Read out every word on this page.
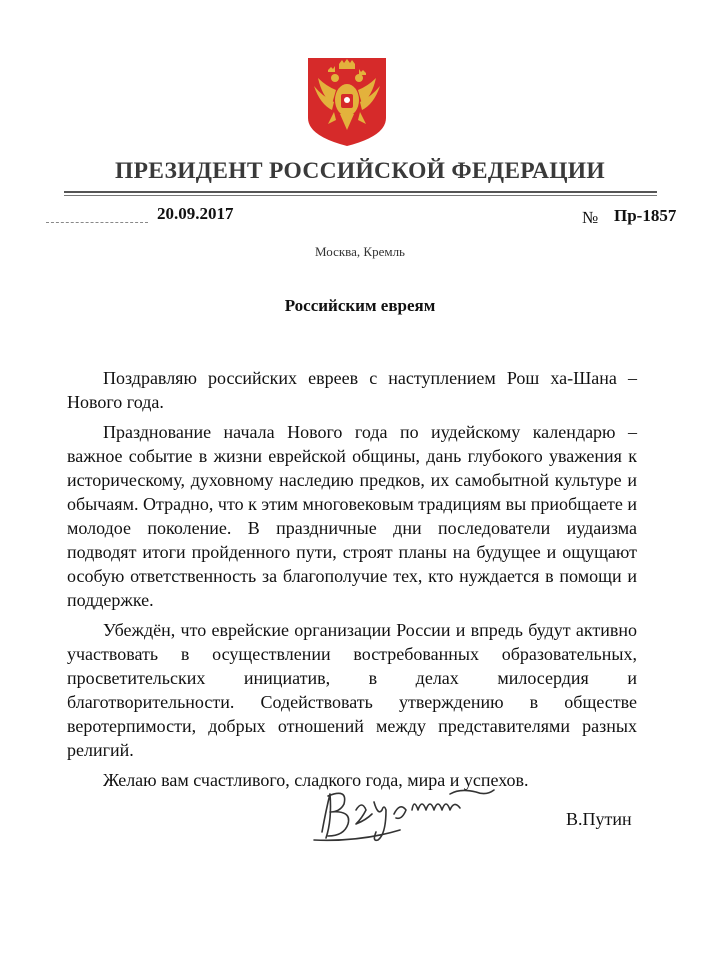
ПРЕЗИДЕНТ РОССИЙСКОЙ ФЕДЕРАЦИИ
20.09.2017	№ Пр-1857
Москва, Кремль
Российским евреям

Поздравляю российских евреев с наступлением Рош ха-Шана – Нового года.

Празднование начала Нового года по иудейскому календарю – важное событие в жизни еврейской общины, дань глубокого уважения к историческому, духовному наследию предков, их самобытной культуре и обычаям. Отрадно, что к этим многовековым традициям вы приобщаете и молодое поколение. В праздничные дни последователи иудаизма подводят итоги пройденного пути, строят планы на будущее и ощущают особую ответственность за благополучие тех, кто нуждается в помощи и поддержке.

Убеждён, что еврейские организации России и впредь будут активно участвовать в осуществлении востребованных образовательных, просветительских инициатив, в делах милосердия и благотворительности. Содействовать утверждению в обществе веротерпимости, добрых отношений между представителями разных религий.

Желаю вам счастливого, сладкого года, мира и успехов.

В.Путин
